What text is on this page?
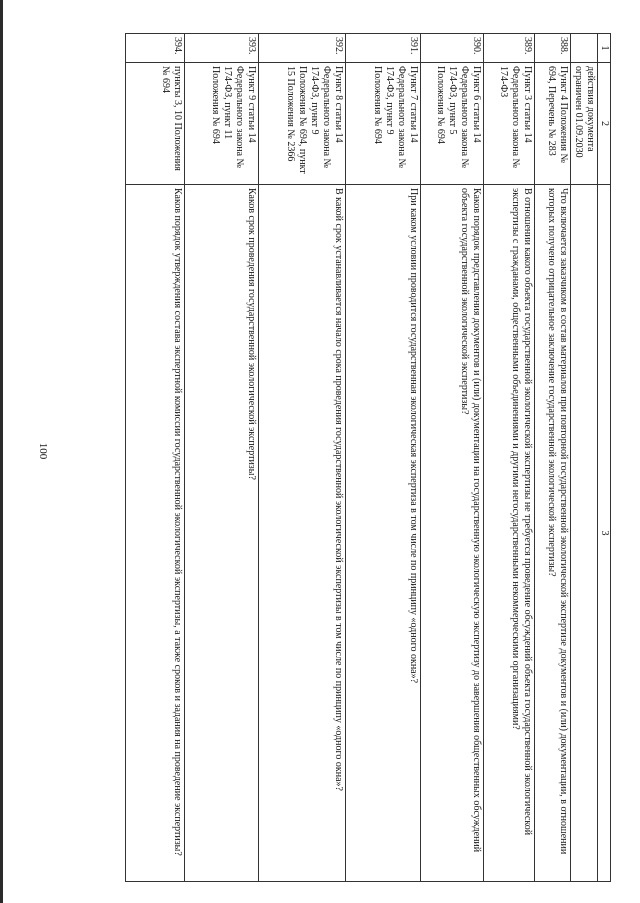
100
1	2	3
	действия документа ограничен 01.09.2030	
388.	Пункт 4 Положения № 694, Перечень № 283	Что включается заказчиком в состав материалов при повторной государственной экологической экспертизе документов и (или) документации, в отношении которых получено отрицательное заключение государственной экологической экспертизы?
389.	Пункт 3 статьи 14 Федерального закона № 174-ФЗ	В отношении какого объекта государственной экологической экспертизы не требуется проведение обсуждений объекта государственной экологической экспертизы с гражданами, общественными объединениями и другими негосударственными некоммерческими организациями?
390.	Пункт 6 статьи 14 Федерального закона № 174-ФЗ, пункт 5 Положения № 694	Каков порядок представления документов и (или) документации на государственную экологическую экспертизу до завершения общественных обсуждений объекта государственной экологической экспертизы?
391.	Пункт 7 статьи 14 Федерального закона № 174-ФЗ, пункт 9 Положения № 694	При каком условии проводится государственная экологическая экспертиза в том числе по принципу «одного окна»?
392.	Пункт 8 статьи 14 Федерального закона № 174-ФЗ, пункт 9 Положения № 694, пункт 15 Положения № 2366	В какой срок устанавливается начало срока проведения государственной экологической экспертизы в том числе по принципу «одного окна»?
393.	Пункт 9 статьи 14 Федерального закона № 174-ФЗ, пункт 11 Положения № 694	Каков срок проведения государственной экологической экспертизы?
394.	пункты 3, 10 Положения № 694	Каков порядок утверждения состава экспертной комиссии государственной экологической экспертизы, а также сроков и задания на проведение экспертизы?
